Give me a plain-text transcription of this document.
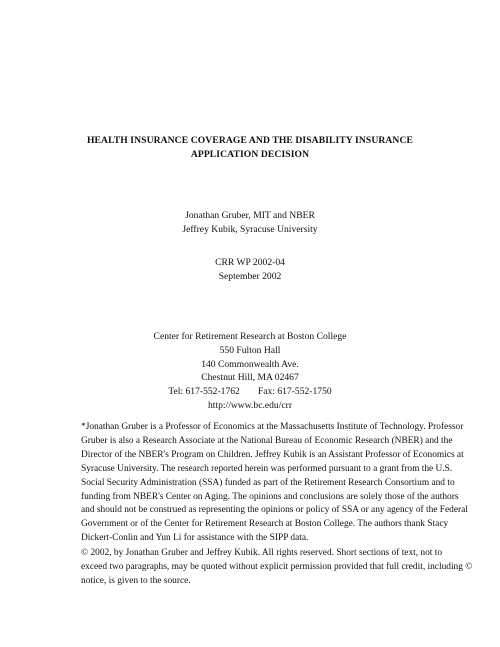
HEALTH INSURANCE COVERAGE AND THE DISABILITY INSURANCE
APPLICATION DECISION
Jonathan Gruber, MIT and NBER
Jeffrey Kubik, Syracuse University
CRR WP 2002-04
September 2002
Center for Retirement Research at Boston College
550 Fulton Hall
140 Commonwealth Ave.
Chestnut Hill, MA 02467
Tel: 617-552-1762 Fax: 617-552-1750
http://www.bc.edu/crr
*Jonathan Gruber is a Professor of Economics at the Massachusetts Institute of Technology. Professor
Gruber is also a Research Associate at the National Bureau of Economic Research (NBER) and the
Director of the NBER's Program on Children. Jeffrey Kubik is an Assistant Professor of Economics at
Syracuse University. The research reported herein was performed pursuant to a grant from the U.S.
Social Security Administration (SSA) funded as part of the Retirement Research Consortium and to
funding from NBER's Center on Aging. The opinions and conclusions are solely those of the authors
and should not be construed as representing the opinions or policy of SSA or any agency of the Federal
Government or of the Center for Retirement Research at Boston College. The authors thank Stacy
Dickert-Conlin and Yun Li for assistance with the SIPP data.
© 2002, by Jonathan Gruber and Jeffrey Kubik. All rights reserved. Short sections of text, not to
exceed two paragraphs, may be quoted without explicit permission provided that full credit, including ©
notice, is given to the source.
